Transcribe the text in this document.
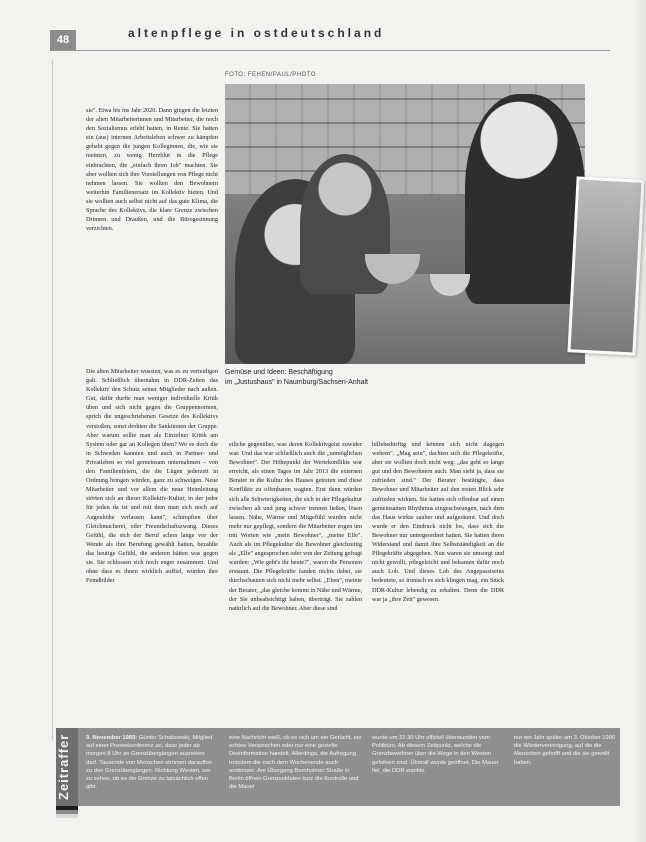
48	altenpflege in ostdeutschland
FOTO: FEHEN/PAUL/PHOTO
Gemüse und Ideen: Beschäftigung
im „Justushaus" in Naumburg/Sachsen-Anhalt

sie". Etwa bis ins Jahr 2020. Dann gingen die letzten der alten Mitarbeiterinnen und Mitarbeiter, die noch den Sozialismus erlebt hatten, in Rente. Sie hatten ein (aus) internen Arbeitsleben schwer zu kämpfen gehabt gegen die jungen Kolleginnen, die, wie sie meinten, zu wenig Herzblut in die Pflege einbrachten, die „einfach ihren Job" machten. Sie aber wollten sich ihre Vorstellungen von Pflege nicht nehmen lassen. Sie wollten den Bewohnern weiterhin Familienersatz im Kollektiv bieten. Und sie wollten auch selbst nicht auf das gute Klima, die Sprache des Kollektivs, die klare Grenze zwischen Drinnen und Draußen, und die Bürogesinnung verzichten.

Die alten Mitarbeiter wussten, was es zu verteidigen galt. Schließlich übernahm in DDR-Zeiten das Kollektiv den Schutz seiner Mitglieder nach außen. Gut, dafür durfte man weniger individuelle Kritik üben und sich nicht gegen die Gruppennormen, sprich die ungeschriebenen Gesetze des Kollektivs verstoßen, sonst drohten die Sanktionen der Gruppe. Aber warum sollte man als Einzelner Kritik am System oder gar an Kollegen üben? Wo es doch die in Schweden kannten und auch in Partner- und Privatleben so viel gemeinsam unternahmen – von den Familienfeiern, die die Lügen jederzeit in Ordnung bringen würden, ganz zu schweigen. Neue Mitarbeiter und vor allem die neue Heimleitung störten sich an dieser Kollektiv-Kultur, in der jeder für jeden da ist und mit dem man sich noch auf Augenhöhe verlassen kann", schimpften über Gleichmacherei, oder Freundschaftszwang. Dieses Gefühl, die sich der Beruf schon lange vor der Wende als ihre Berufung gewählt hatten, bezahlte das heutige Gefühl, die anderen hätten was gegen sie. Sie schlossen sich noch enger zusammen. Und ohne dass es ihnen wirklich auffiel, wurden ihre Feindbilder

etliche gegenüber, was deren Kollektivgeist zuwider war. Und das war schließlich auch die „unmöglichen Bewohner". Der Höhepunkt der Wertekonflikte war erreicht, als einen Tages im Jahr 2013 die externen Berater in die Kultur des Hauses getreten und diese Konflikte zu offenbaren wagten. Erst dann würden sich alle Schwierigkeiten, die sich in der Pflegekultur zwischen alt und jung schwer trennen ließen, lösen lassen. Nähe, Wärme und Mitgefühl wurden nicht mehr nur gepflegt, sondern die Mitarbeiter zogen um mit Worten wie „mein Bewohner", „meine Elfe". Auch als im Pflegekultur die Bewohner gleichzeitig als „Elfe" angesprochen oder von der Zeitung gefragt wurden: „Wie geht's ihr heute?", waren die Personen erstaunt. Die Pflegekräfte fanden nichts dabei, sie durchschauten sich nicht mehr selbst. „Eben", meinte der Berater, „das gleiche kommt in Nähe und Wärme, der Sie unbeabsichtigt haben, überträgt. Sie zahlen natürlich auf die Bewohner. Aber diese sind

hilfebedürftig und können sich nicht dagegen wehren". „Mag sein", dachten sich die Pflegekräfte, aber sie wollten doch nicht weg: „das geht so lange gut und den Bewohnern auch. Man sieht ja, dass sie zufrieden sind." Der Berater bestätigte, dass Bewohner und Mitarbeiter auf den ersten Blick sehr zufrieden wirkten. Sie hatten sich offenbar auf einen gemeinsamen Rhythmus eingeschwungen, nach dem das Haus wirkte sauber und aufgeräumt. Und doch wurde er den Eindruck nicht los, dass sich die Bewohner nur untergeordnet hatten. Sie hatten ihren Widerstand und damit ihre Selbstständigkeit an die Pflegekräfte abgegeben. Nun waren sie umsorgt und nicht gewollt, pflegeleicht und bekamen dafür noch auch Lob. Und dieses Lob des Angepasstseins bedeutete, so ironisch es sich klingen mag, ein Stück DDR-Kultur lebendig zu erhalten. Denn die DDR war ja „ihre Zeit" gewesen.

Zeitraffer	9. November 1989: Günter Schabowski, Mitglied auf einer Pressekonferenz an, dass jeder ab morgen 8 Uhr an Grenzübergängen ausreisen darf. Tausende von Menschen strömen daraufhin zu den Grenzübergängen. Richtung Westen, um zu sehen, ob es die Grenze zu tatsächlich offen gibt.

eine Nachricht weiß, ob es sich um ein Gerücht, ein echtes Versprechen oder nur eine gezielte Desinformation handelt. Allerdings, die Aufregung trotzdem die nach dem Wochenende auch anderswo. Am Übergang Bornholmer Straße in Berlin öffnen Grenzsoldaten kurz die Kontrolle und die Mauer

wurde um 22.30 Uhr offiziell überwunden vom Politbüro. Ab diesem Zeitpunkt, welche die Grenzbewohner über die Wege in den Westen gefahren sind. Überall wurde geöffnet. Die Mauer fiel, die DDR wankte.

nur ein Jahr später am 3. Oktober 1990 die Wiedervereinigung, auf die die Menschen gehofft und die sie gewollt haben.
